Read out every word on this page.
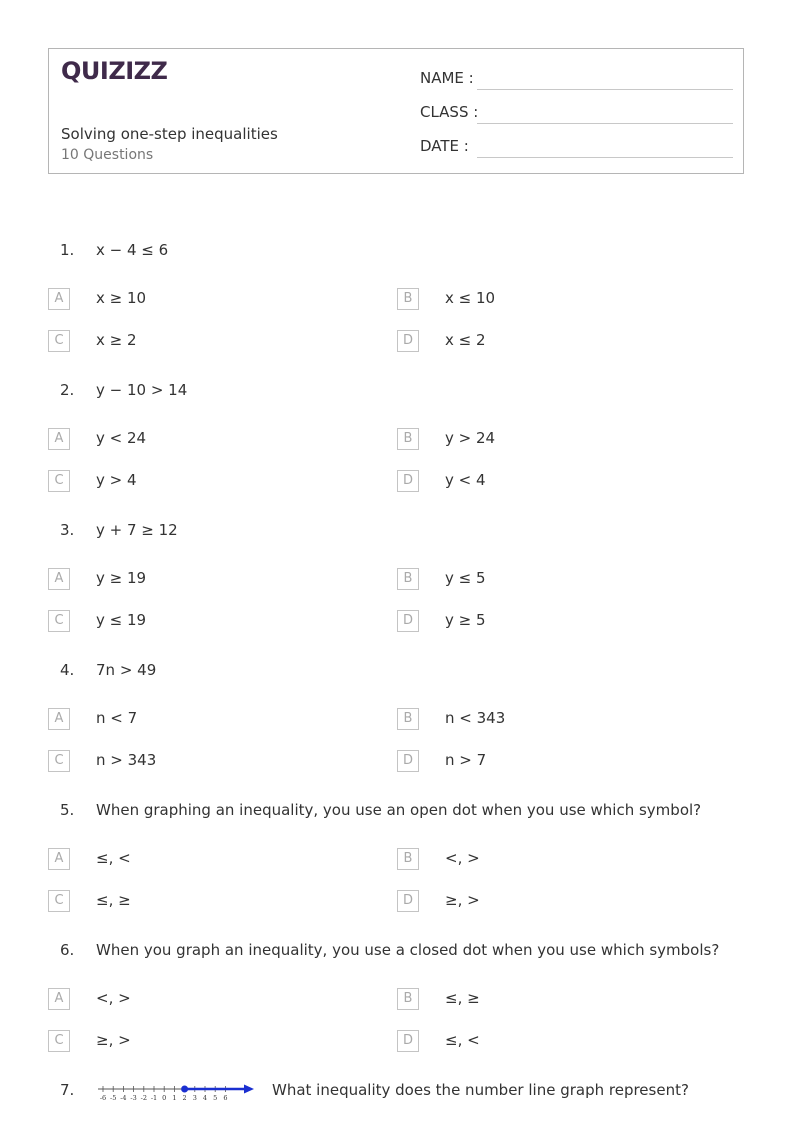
QUIZIZZ
Solving one-step inequalities
10 Questions
NAME :
CLASS :
DATE :
1. x − 4 ≤ 6
A	x ≥ 10	B	x ≤ 10
C	x ≥ 2	D	x ≤ 2
2. y − 10 > 14
A	y < 24	B	y > 24
C	y > 4	D	y < 4
3. y + 7 ≥ 12
A	y ≥ 19	B	y ≤ 5
C	y ≤ 19	D	y ≥ 5
4. 7n > 49
A	n < 7	B	n < 343
C	n > 343	D	n > 7
5. When graphing an inequality, you use an open dot when you use which symbol?
A	≤, <	B	<, >
C	≤, ≥	D	≥, >
6. When you graph an inequality, you use a closed dot when you use which symbols?
A	<, >	B	≤, ≥
C	≥, >	D	≤, <
7.	-6 -5 -4 -3 -2 -1 0 1 2 3 4 5 6	What inequality does the number line graph represent?
